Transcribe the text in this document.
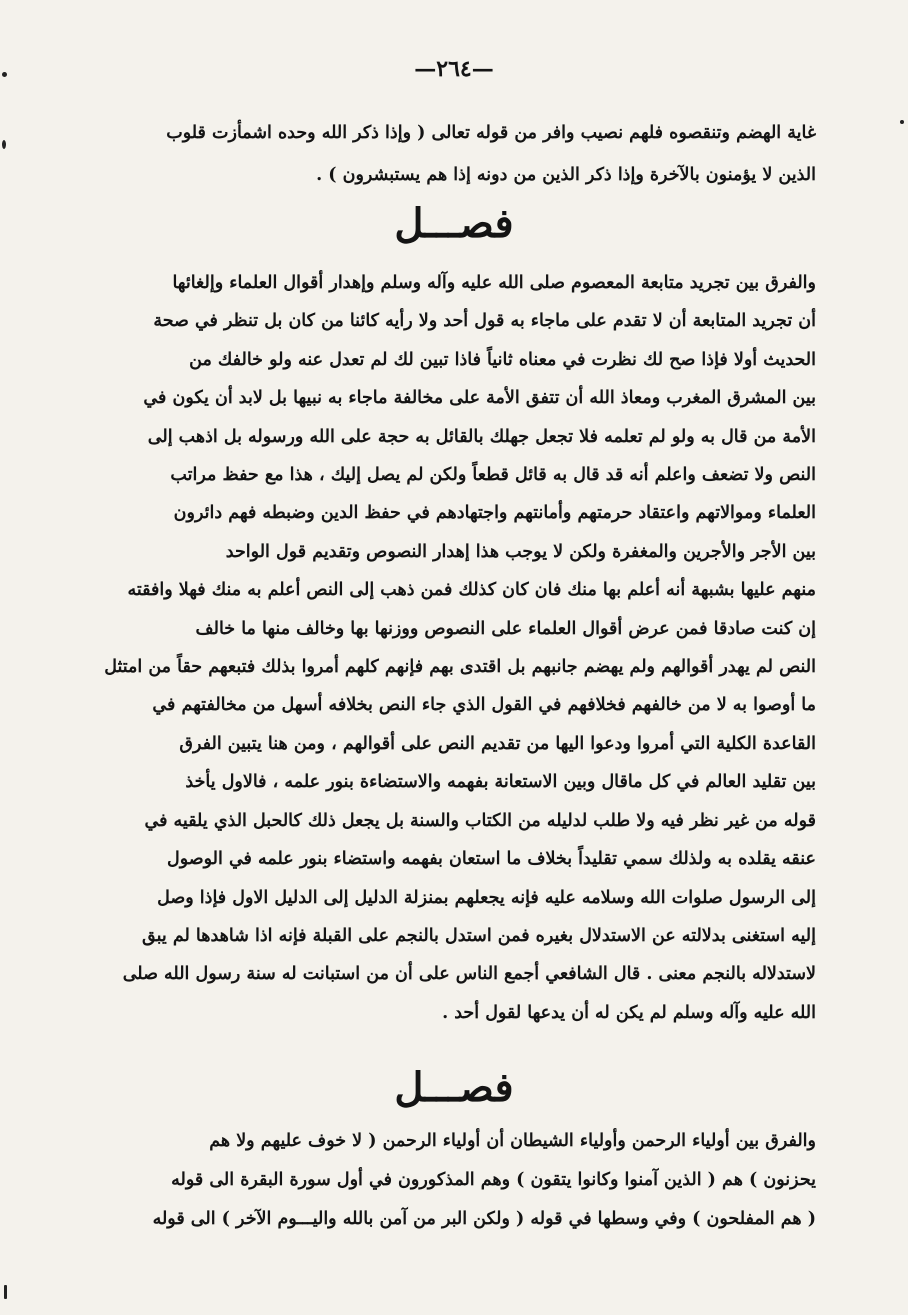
—٢٦٤—
غاية الهضم وتنقصوه فلهم نصيب وافر من قوله تعالى ( وإذا ذكر الله وحده اشمأزت قلوب
الذين لا يؤمنون بالآخرة وإذا ذكر الذين من دونه إذا هم يستبشرون ) .
فصـــل
والفرق بين تجريد متابعة المعصوم صلى الله عليه وآله وسلم وإهدار أقوال العلماء وإلغائها
أن تجريد المتابعة أن لا تقدم على ماجاء به قول أحد ولا رأيه كائنا من كان بل تنظر في صحة
الحديث أولا فإذا صح لك نظرت في معناه ثانياً فاذا تبين لك لم تعدل عنه ولو خالفك من
بين المشرق المغرب ومعاذ الله أن تتفق الأمة على مخالفة ماجاء به نبيها بل لابد أن يكون في
الأمة من قال به ولو لم تعلمه فلا تجعل جهلك بالقائل به حجة على الله ورسوله بل اذهب إلى
النص ولا تضعف واعلم أنه قد قال به قائل قطعاً ولكن لم يصل إليك ، هذا مع حفظ مراتب
العلماء وموالاتهم واعتقاد حرمتهم وأمانتهم واجتهادهم في حفظ الدين وضبطه فهم دائرون
بين الأجر والأجرين والمغفرة ولكن لا يوجب هذا إهدار النصوص وتقديم قول الواحد
منهم عليها بشبهة أنه أعلم بها منك فان كان كذلك فمن ذهب إلى النص أعلم به منك فهلا وافقته
إن كنت صادقا فمن عرض أقوال العلماء على النصوص ووزنها بها وخالف منها ما خالف
النص لم يهدر أقوالهم ولم يهضم جانبهم بل اقتدى بهم فإنهم كلهم أمروا بذلك فتبعهم حقاً من امتثل
ما أوصوا به لا من خالفهم فخلافهم في القول الذي جاء النص بخلافه أسهل من مخالفتهم في
القاعدة الكلية التي أمروا ودعوا اليها من تقديم النص على أقوالهم ، ومن هنا يتبين الفرق
بين تقليد العالم في كل ماقال وبين الاستعانة بفهمه والاستضاءة بنور علمه ، فالاول يأخذ
قوله من غير نظر فيه ولا طلب لدليله من الكتاب والسنة بل يجعل ذلك كالحبل الذي يلقيه في
عنقه يقلده به ولذلك سمي تقليداً بخلاف ما استعان بفهمه واستضاء بنور علمه في الوصول
إلى الرسول صلوات الله وسلامه عليه فإنه يجعلهم بمنزلة الدليل إلى الدليل الاول فإذا وصل
إليه استغنى بدلالته عن الاستدلال بغيره فمن استدل بالنجم على القبلة فإنه اذا شاهدها لم يبق
لاستدلاله بالنجم معنى . قال الشافعي أجمع الناس على أن من استبانت له سنة رسول الله صلى
الله عليه وآله وسلم لم يكن له أن يدعها لقول أحد .
فصـــل
والفرق بين أولياء الرحمن وأولياء الشيطان أن أولياء الرحمن ( لا خوف عليهم ولا هم
يحزنون ) هم ( الذين آمنوا وكانوا يتقون ) وهم المذكورون في أول سورة البقرة الى قوله
( هم المفلحون ) وفي وسطها في قوله ( ولكن البر من آمن بالله واليـــوم الآخر ) الى قوله
